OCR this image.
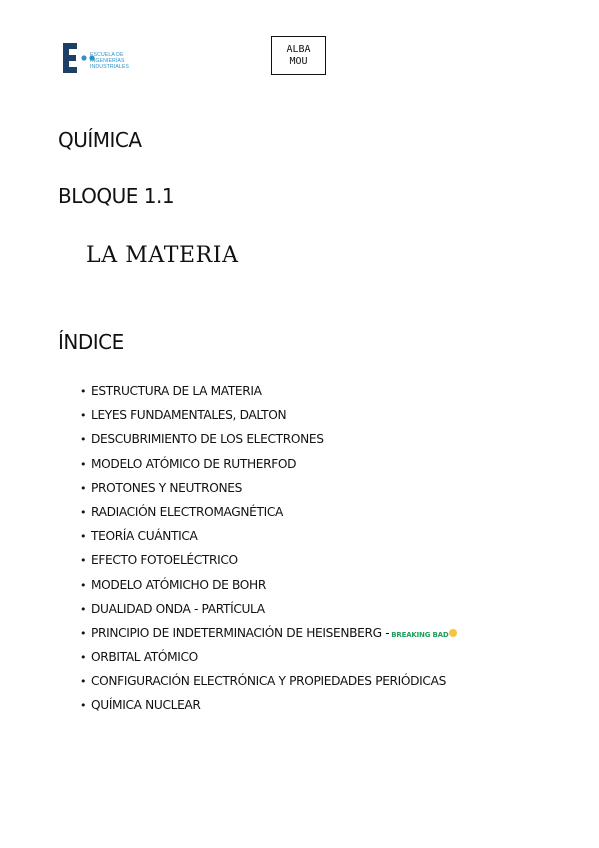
ESCUELA DE
INGENIERÍAS
INDUSTRIALES
ALBA
MOU
QUÍMICA
BLOQUE 1.1
LA MATERIA
ÍNDICE
• ESTRUCTURA DE LA MATERIA
• LEYES FUNDAMENTALES, DALTON
• DESCUBRIMIENTO DE LOS ELECTRONES
• MODELO ATÓMICO DE RUTHERFOD
• PROTONES Y NEUTRONES
• RADIACIÓN ELECTROMAGNÉTICA
• TEORÍA CUÁNTICA
• EFECTO FOTOELÉCTRICO
• MODELO ATÓMICHO DE BOHR
• DUALIDAD ONDA - PARTÍCULA
• PRINCIPIO DE INDETERMINACIÓN DE HEISENBERG - BREAKING BAD
• ORBITAL ATÓMICO
• CONFIGURACIÓN ELECTRÓNICA Y PROPIEDADES PERIÓDICAS
• QUÍMICA NUCLEAR
